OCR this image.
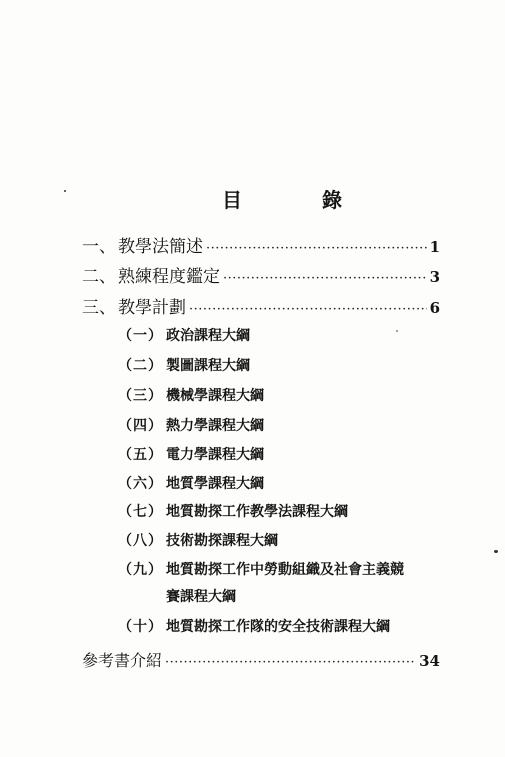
目　錄
一、 教學法簡述 ·····	1
二、 熟練程度鑑定 ·····	3
三、 教學計劃 ·····	6
（一） 政治課程大綱
（二） 製圖課程大綱
（三） 機械學課程大綱
（四） 熱力學課程大綱
（五） 電力學課程大綱
（六） 地質學課程大綱
（七） 地質勘探工作教學法課程大綱
（八） 技術勘探課程大綱
（九） 地質勘探工作中勞動組織及社會主義競
賽課程大綱
（十） 地質勘探工作隊的安全技術課程大綱
參考書介紹 ·····	34
